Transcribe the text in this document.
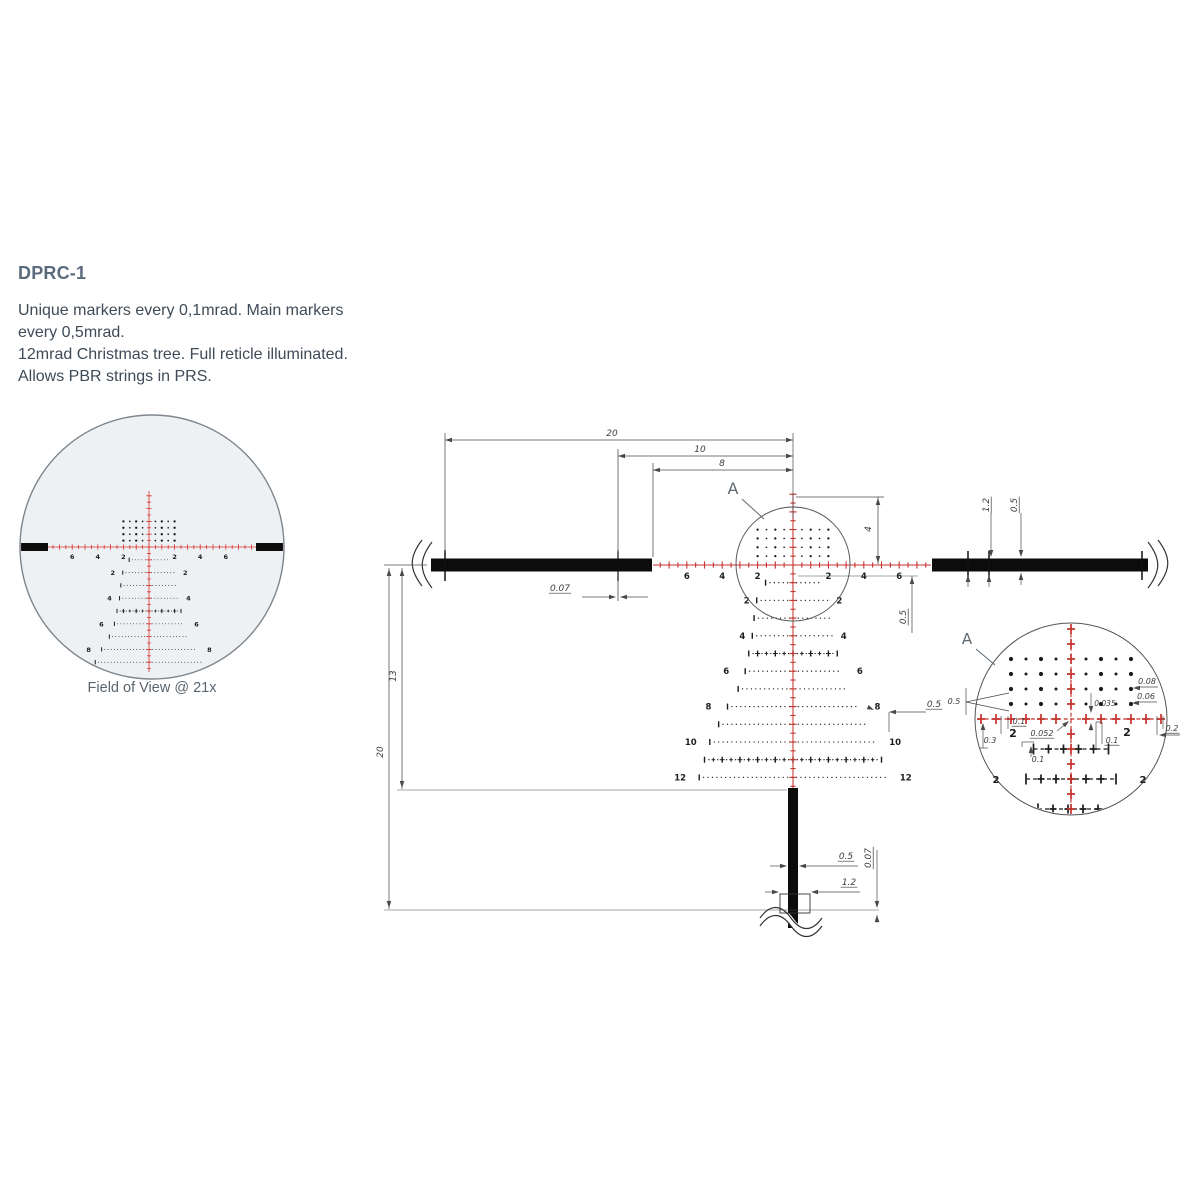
DPRC-1
Unique markers every 0,1mrad. Main markers
every 0,5mrad.
12mrad Christmas tree. Full reticle illuminated.
Allows PBR strings in PRS.
Field of View @ 21x
6	4	2	2	4	6
2	2
4	4
6	6
8	8
2	2
4	4
6	6
8	8
10	10
12	12
6	4	2	2	4	6
A
20
10
8
4
0.5
13
20
0.07
0.5
1.2 0.5
0.5
1.2
0.07
A
2	2
2	2
0.5
0.08
0.06
0.035
0.052
0.1
0.3
0.1
0.1
0.2
